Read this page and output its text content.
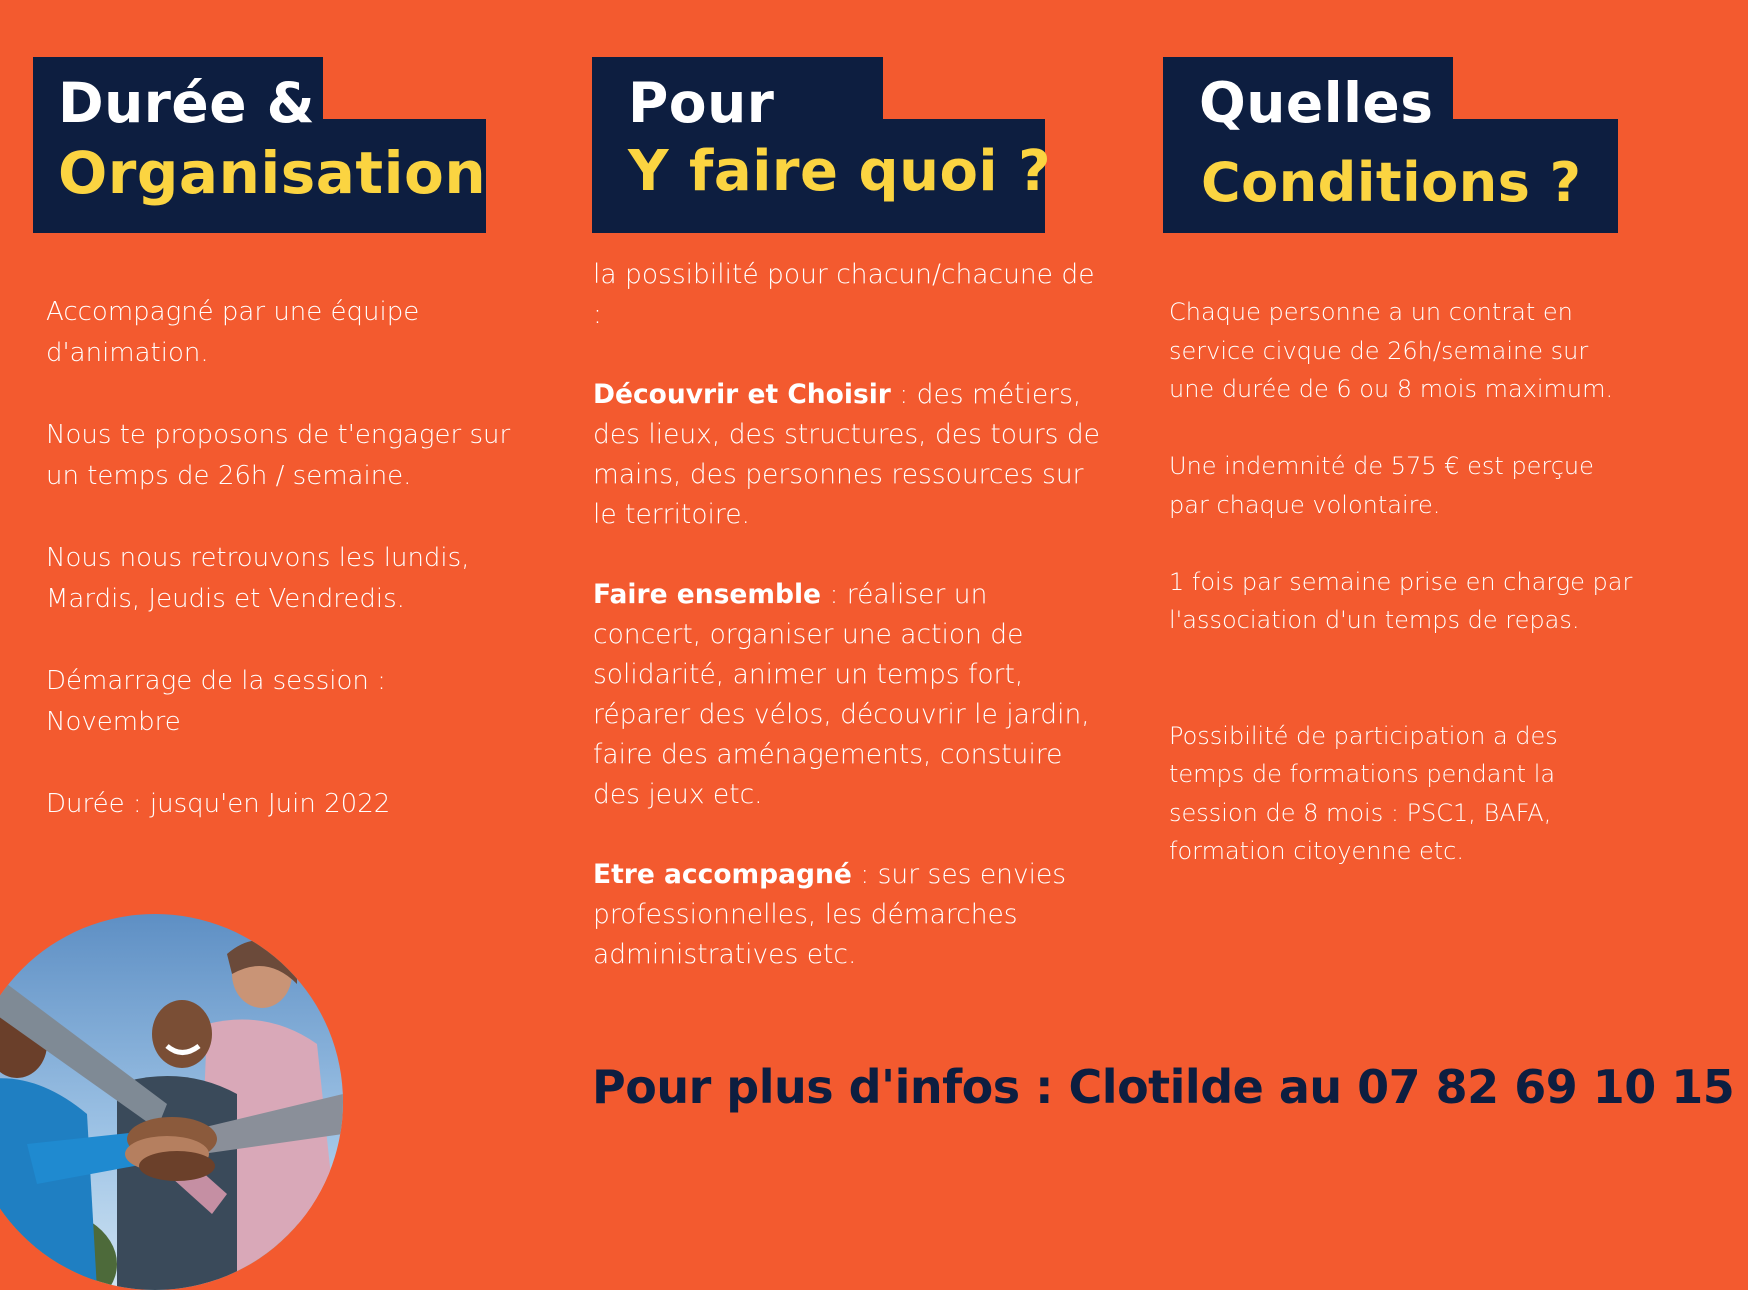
Durée &
Organisation
Pour
Y faire quoi ?
Quelles
Conditions ?

Accompagné par une équipe d'animation.

Nous te proposons de t'engager sur un temps de 26h / semaine.

Nous nous retrouvons les lundis, Mardis, Jeudis et Vendredis.

Démarrage de la session : Novembre

Durée : jusqu'en Juin 2022

la possibilité pour chacun/chacune de :

Découvrir et Choisir : des métiers, des lieux, des structures, des tours de mains, des personnes ressources sur le territoire.

Faire ensemble : réaliser un concert, organiser une action de solidarité, animer un temps fort, réparer des vélos, découvrir le jardin, faire des aménagements, constuire des jeux etc.

Etre accompagné : sur ses envies professionnelles, les démarches administratives etc.

Chaque personne a un contrat en service civque de 26h/semaine sur une durée de 6 ou 8 mois maximum.

Une indemnité de 575 € est perçue par chaque volontaire.

1 fois par semaine prise en charge par l'association d'un temps de repas.

Possibilité de participation a des temps de formations pendant la session de 8 mois : PSC1, BAFA, formation citoyenne etc.

Pour plus d'infos : Clotilde au 07 82 69 10 15
